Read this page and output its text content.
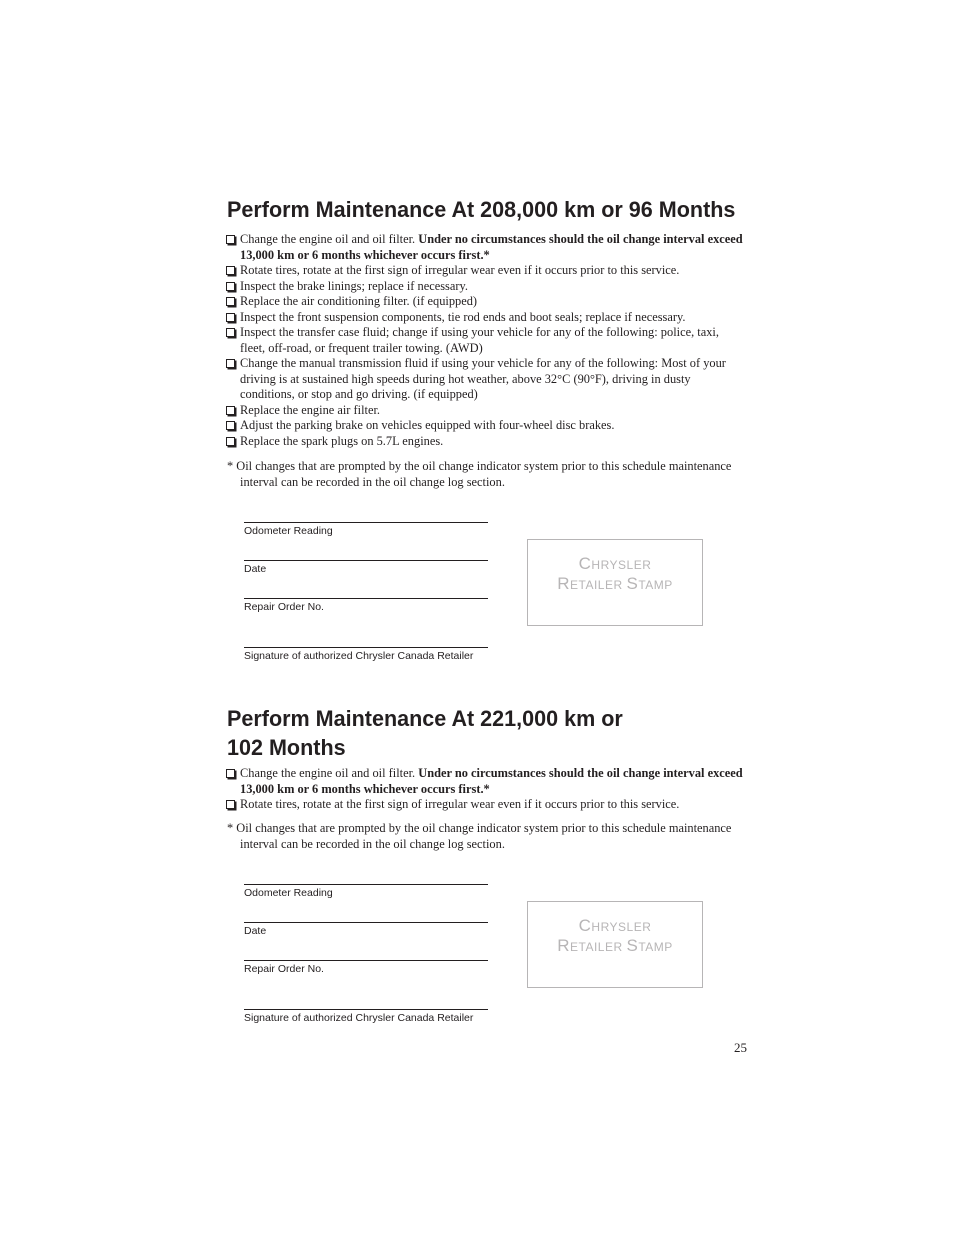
Perform Maintenance At 208,000 km or 96 Months
Change the engine oil and oil filter. Under no circumstances should the oil change interval exceed 13,000 km or 6 months whichever occurs first.*
Rotate tires, rotate at the first sign of irregular wear even if it occurs prior to this service.
Inspect the brake linings; replace if necessary.
Replace the air conditioning filter. (if equipped)
Inspect the front suspension components, tie rod ends and boot seals; replace if necessary.
Inspect the transfer case fluid; change if using your vehicle for any of the following: police, taxi, fleet, off-road, or frequent trailer towing. (AWD)
Change the manual transmission fluid if using your vehicle for any of the following: Most of your driving is at sustained high speeds during hot weather, above 32°C (90°F), driving in dusty conditions, or stop and go driving. (if equipped)
Replace the engine air filter.
Adjust the parking brake on vehicles equipped with four-wheel disc brakes.
Replace the spark plugs on 5.7L engines.

* Oil changes that are prompted by the oil change indicator system prior to this schedule maintenance interval can be recorded in the oil change log section.

Odometer Reading
Date
Repair Order No.
Signature of authorized Chrysler Canada Retailer
CHRYSLER
RETAILER STAMP
Perform Maintenance At 221,000 km or
102 Months
Change the engine oil and oil filter. Under no circumstances should the oil change interval exceed 13,000 km or 6 months whichever occurs first.*
Rotate tires, rotate at the first sign of irregular wear even if it occurs prior to this service.

* Oil changes that are prompted by the oil change indicator system prior to this schedule maintenance interval can be recorded in the oil change log section.

Odometer Reading
Date
Repair Order No.
Signature of authorized Chrysler Canada Retailer
CHRYSLER
RETAILER STAMP
25
